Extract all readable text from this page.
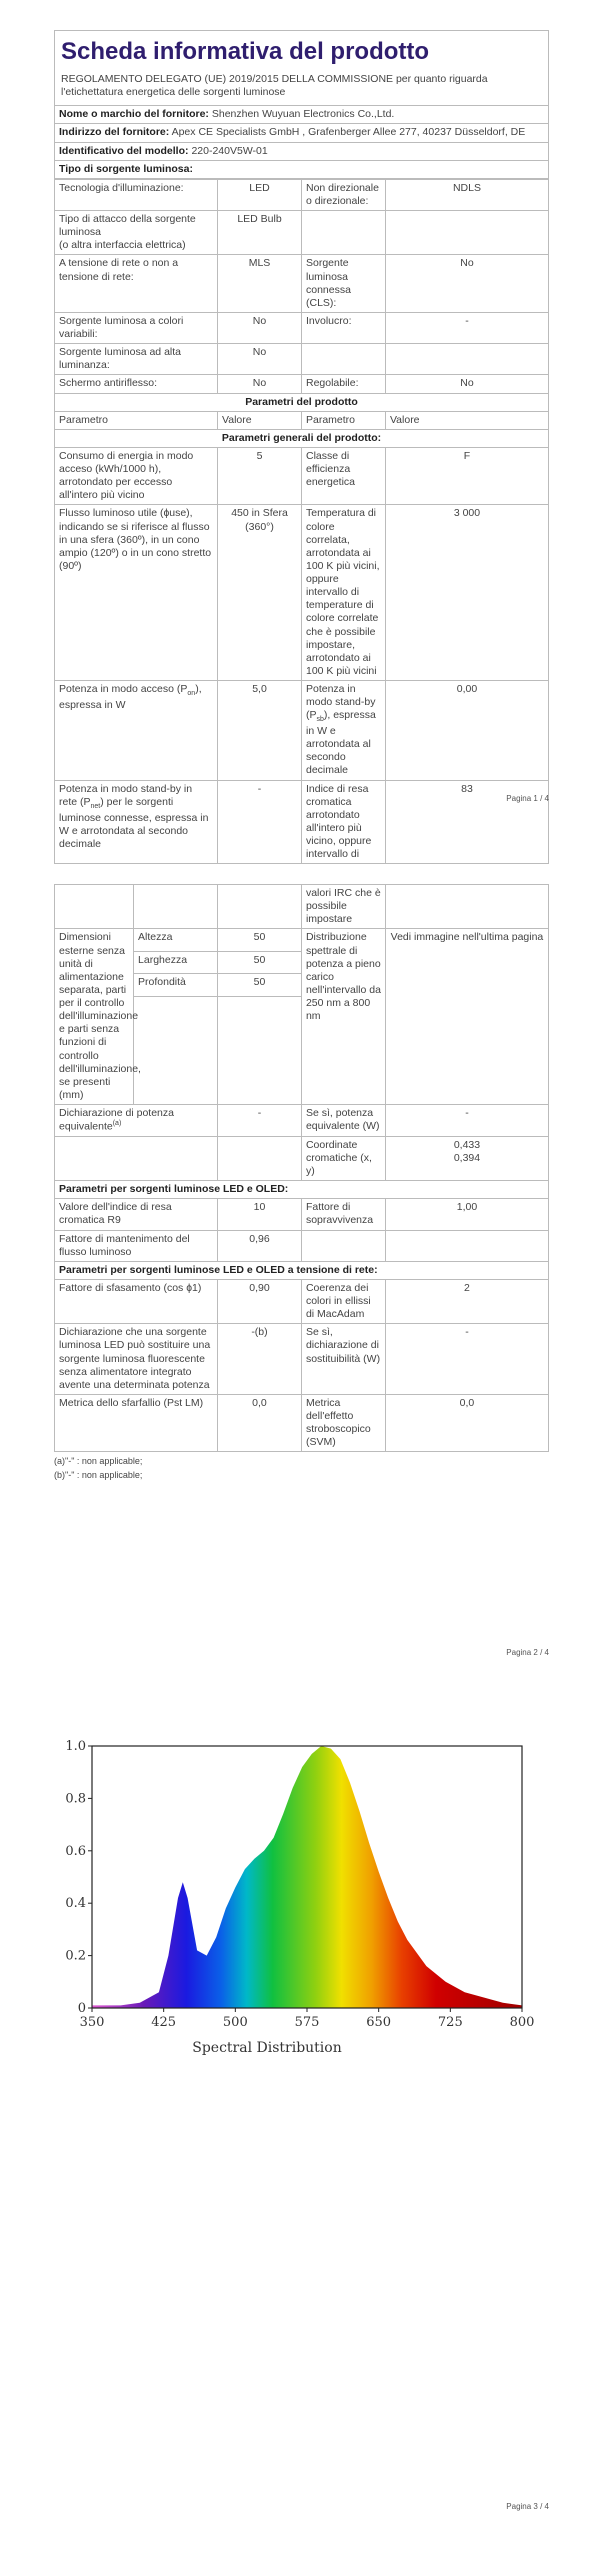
Scheda informativa del prodotto
REGOLAMENTO DELEGATO (UE) 2019/2015 DELLA COMMISSIONE per quanto riguarda l'etichettatura energetica delle sorgenti luminose
Nome o marchio del fornitore: Shenzhen Wuyuan Electronics Co.,Ltd.
Indirizzo del fornitore: Apex CE Specialists GmbH , Grafenberger Allee 277, 40237 Düsseldorf, DE
Identificativo del modello: 220-240V5W-01
Tipo di sorgente luminosa:
Tecnologia d'illuminazione:	LED	Non direzionale o direzionale:	NDLS

Tipo di attacco della sorgente luminosa
(o altra interfaccia elettrica)	LED Bulb		
A tensione di rete o non a tensione di rete:	MLS	Sorgente luminosa connessa (CLS):	No
Sorgente luminosa a colori variabili:	No	Involucro:	-
Sorgente luminosa ad alta luminanza:	No		
Schermo antiriflesso:	No	Regolabile:	No
Parametri del prodotto			
Parametro	Valore	Parametro	Valore
Parametri generali del prodotto:			
Consumo di energia in modo acceso (kWh/1000 h), arrotondato per eccesso all'intero più vicino	5	Classe di efficienza energetica	F
Flusso luminoso utile (ɸuse), indicando se si riferisce al flusso in una sfera (360º), in un cono ampio (120º) o in un cono stretto (90º)	450 in Sfera (360°)	Temperatura di colore correlata, arrotondata ai 100 K più vicini, oppure intervallo di temperature di colore correlate che è possibile impostare, arrotondato ai 100 K più vicini	3 000
Potenza in modo acceso $(P_{on})$, espressa in W	5,0	Potenza in modo stand-by $(P_{sb})$, espressa in W e arrotondata al secondo decimale	0,00
Potenza in modo stand-by in rete $(P_{net})$ per le sorgenti luminose connesse, espressa in W e arrotondata al secondo decimale	-	Indice di resa cromatica arrotondato all'intero più vicino, oppure intervallo di	83
Pagina 1 / 4
			valori IRC che è possibile impostare	
Dimensioni esterne senza unità di alimentazione separata, parti per il controllo dell'illuminazione e parti senza funzioni di controllo dell'illuminazione, se presenti (mm)	Altezza	50	Distribuzione spettrale di potenza a pieno carico nell'intervallo da 250 nm a 800 nm	Vedi immagine nell'ultima pagina
	Larghezza	50		
	Profondità	50		

Dichiarazione di potenza equivalente$^{(a)}$		-	Se sì, potenza equivalente (W)	-
			Coordinate cromatiche (x, y)	0,433
0,394

Parametri per sorgenti luminose LED e OLED:				
Valore dell'indice di resa cromatica R9		10	Fattore di sopravvivenza	1,00
Fattore di mantenimento del flusso luminoso		0,96		
Parametri per sorgenti luminose LED e OLED a tensione di rete:				
Fattore di sfasamento (cos ɸ1)		0,90	Coerenza dei colori in ellissi di MacAdam	2
Dichiarazione che una sorgente luminosa LED può sostituire una sorgente luminosa fluorescente senza alimentatore integrato avente una determinata potenza		-(b)	Se sì, dichiarazione di sostituibilità (W)	-
Metrica dello sfarfallio (Pst LM)		0,0	Metrica dell'effetto stroboscopico (SVM)	0,0
(a)"-" : non applicable;
(b)"-" : non applicable;
Pagina 2 / 4
0
0.2
0.4
0.6
0.8
1.0
350	425	500	575	650	725	800
Spectral Distribution
Pagina 3 / 4
